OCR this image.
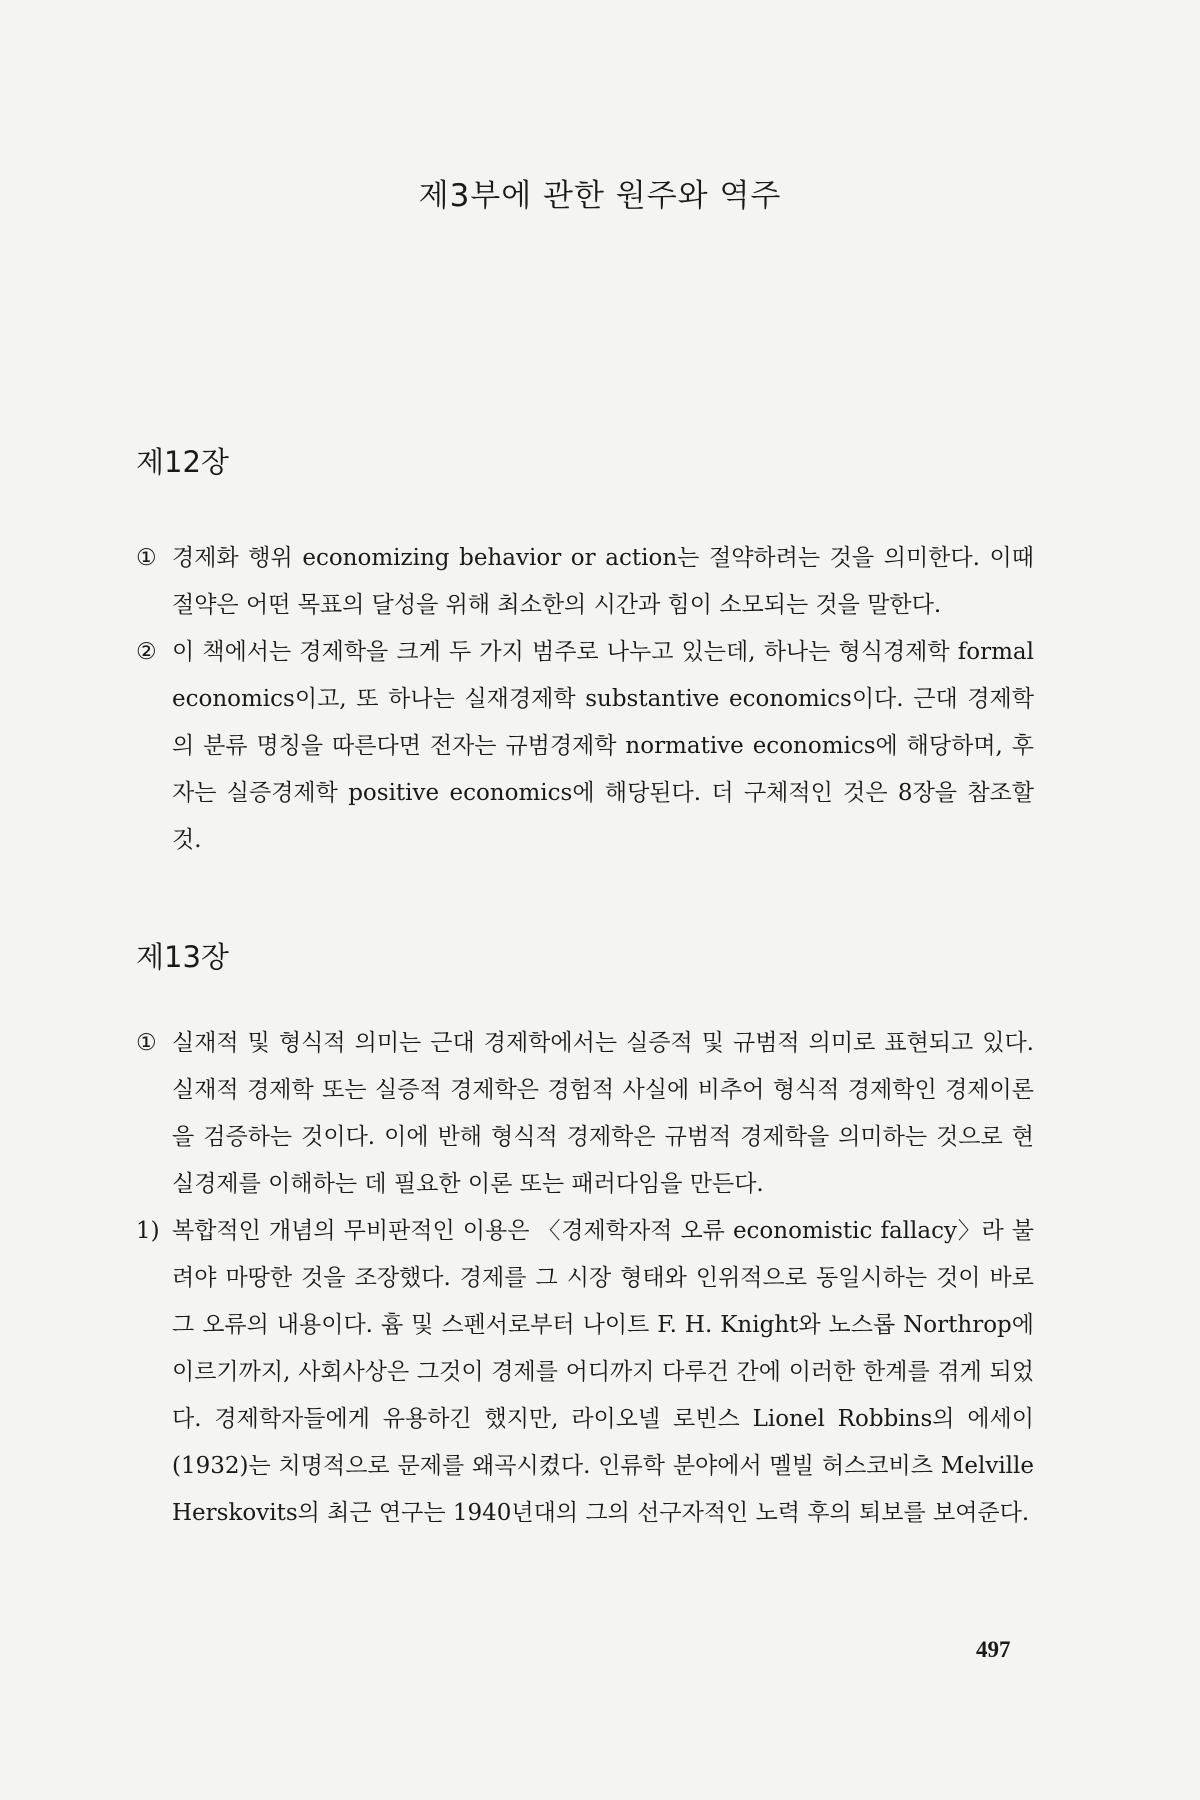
제3부에 관한 원주와 역주
제12장
① 경제화 행위 economizing behavior or action는 절약하려는 것을 의미한다. 이때 절약은 어떤 목표의 달성을 위해 최소한의 시간과 힘이 소모되는 것을 말한다.
② 이 책에서는 경제학을 크게 두 가지 범주로 나누고 있는데, 하나는 형식경제학 formal economics이고, 또 하나는 실재경제학 substantive economics이다. 근대 경제학의 분류 명칭을 따른다면 전자는 규범경제학 normative economics에 해당하며, 후자는 실증경제학 positive economics에 해당된다. 더 구체적인 것은 8장을 참조할 것.
제13장
① 실재적 및 형식적 의미는 근대 경제학에서는 실증적 및 규범적 의미로 표현되고 있다. 실재적 경제학 또는 실증적 경제학은 경험적 사실에 비추어 형식적 경제학인 경제이론을 검증하는 것이다. 이에 반해 형식적 경제학은 규범적 경제학을 의미하는 것으로 현실경제를 이해하는 데 필요한 이론 또는 패러다임을 만든다.
1) 복합적인 개념의 무비판적인 이용은 〈경제학자적 오류 economistic fallacy〉라 불려야 마땅한 것을 조장했다. 경제를 그 시장 형태와 인위적으로 동일시하는 것이 바로 그 오류의 내용이다. 흄 및 스펜서로부터 나이트 F. H. Knight와 노스롭 Northrop에 이르기까지, 사회사상은 그것이 경제를 어디까지 다루건 간에 이러한 한계를 겪게 되었다. 경제학자들에게 유용하긴 했지만, 라이오넬 로빈스 Lionel Robbins의 에세이(1932)는 치명적으로 문제를 왜곡시켰다. 인류학 분야에서 멜빌 허스코비츠 Melville Herskovits의 최근 연구는 1940년대의 그의 선구자적인 노력 후의 퇴보를 보여준다.
497
